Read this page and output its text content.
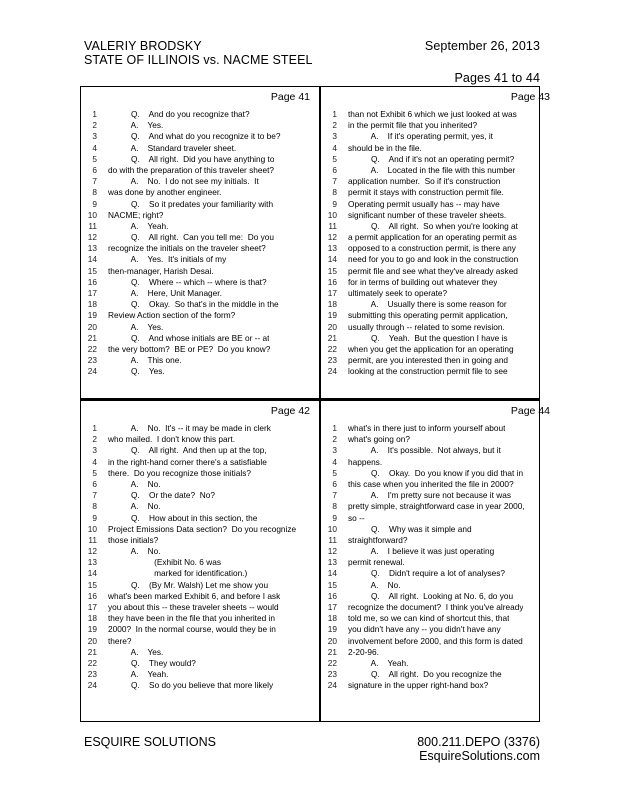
VALERIY BRODSKY
STATE OF ILLINOIS vs. NACME STEEL
September 26, 2013
Pages 41 to 44
Page 41
1 Q.    And do you recognize that?
2 A.    Yes.
3 Q.    And what do you recognize it to be?
4 A.    Standard traveler sheet.
5 Q.    All right.  Did you have anything to
6 do with the preparation of this traveler sheet?
7 A.    No.  I do not see my initials.  It
8 was done by another engineer.
9 Q.    So it predates your familiarity with
10 NACME; right?
11 A.    Yeah.
12 Q.    All right.  Can you tell me:  Do you
13 recognize the initials on the traveler sheet?
14 A.    Yes.  It's initials of my
15 then-manager, Harish Desai.
16 Q.    Where -- which -- where is that?
17 A.    Here, Unit Manager.
18 Q.    Okay.  So that's in the middle in the
19 Review Action section of the form?
20 A.    Yes.
21 Q.    And whose initials are BE or -- at
22 the very bottom?  BE or PE?  Do you know?
23 A.    This one.
24 Q.    Yes.
Page 43
1 than not Exhibit 6 which we just looked at was
2 in the permit file that you inherited?
3 A.    If it's operating permit, yes, it
4 should be in the file.
5 Q.    And if it's not an operating permit?
6 A.    Located in the file with this number
7 application number.  So if it's construction
8 permit it stays with construction permit file.
9 Operating permit usually has -- may have
10 significant number of these traveler sheets.
11 Q.    All right.  So when you're looking at
12 a permit application for an operating permit as
13 opposed to a construction permit, is there any
14 need for you to go and look in the construction
15 permit file and see what they've already asked
16 for in terms of building out whatever they
17 ultimately seek to operate?
18 A.    Usually there is some reason for
19 submitting this operating permit application,
20 usually through -- related to some revision.
21 Q.    Yeah.  But the question I have is
22 when you get the application for an operating
23 permit, are you interested then in going and
24 looking at the construction permit file to see
Page 42
1 A.    No.  It's -- it may be made in clerk
2 who mailed.  I don't know this part.
3 Q.    All right.  And then up at the top,
4 in the right-hand corner there's a satisfiable
5 there.  Do you recognize those initials?
6 A.    No.
7 Q.    Or the date?  No?
8 A.    No.
9 Q.    How about in this section, the
10 Project Emissions Data section?  Do you recognize
11 those initials?
12 A.    No.
13 (Exhibit No. 6 was
14 marked for identification.)
15 Q.    (By Mr. Walsh) Let me show you
16 what's been marked Exhibit 6, and before I ask
17 you about this -- these traveler sheets -- would
18 they have been in the file that you inherited in
19 2000?  In the normal course, would they be in
20 there?
21 A.    Yes.
22 Q.    They would?
23 A.    Yeah.
24 Q.    So do you believe that more likely
Page 44
1 what's in there just to inform yourself about
2 what's going on?
3 A.    It's possible.  Not always, but it
4 happens.
5 Q.    Okay.  Do you know if you did that in
6 this case when you inherited the file in 2000?
7 A.    I'm pretty sure not because it was
8 pretty simple, straightforward case in year 2000,
9 so --
10 Q.    Why was it simple and
11 straightforward?
12 A.    I believe it was just operating
13 permit renewal.
14 Q.    Didn't require a lot of analyses?
15 A.    No.
16 Q.    All right.  Looking at No. 6, do you
17 recognize the document?  I think you've already
18 told me, so we can kind of shortcut this, that
19 you didn't have any -- you didn't have any
20 involvement before 2000, and this form is dated
21 2-20-96.
22 A.    Yeah.
23 Q.    All right.  Do you recognize the
24 signature in the upper right-hand box?
ESQUIRE SOLUTIONS	800.211.DEPO (3376)
EsquireSolutions.com
